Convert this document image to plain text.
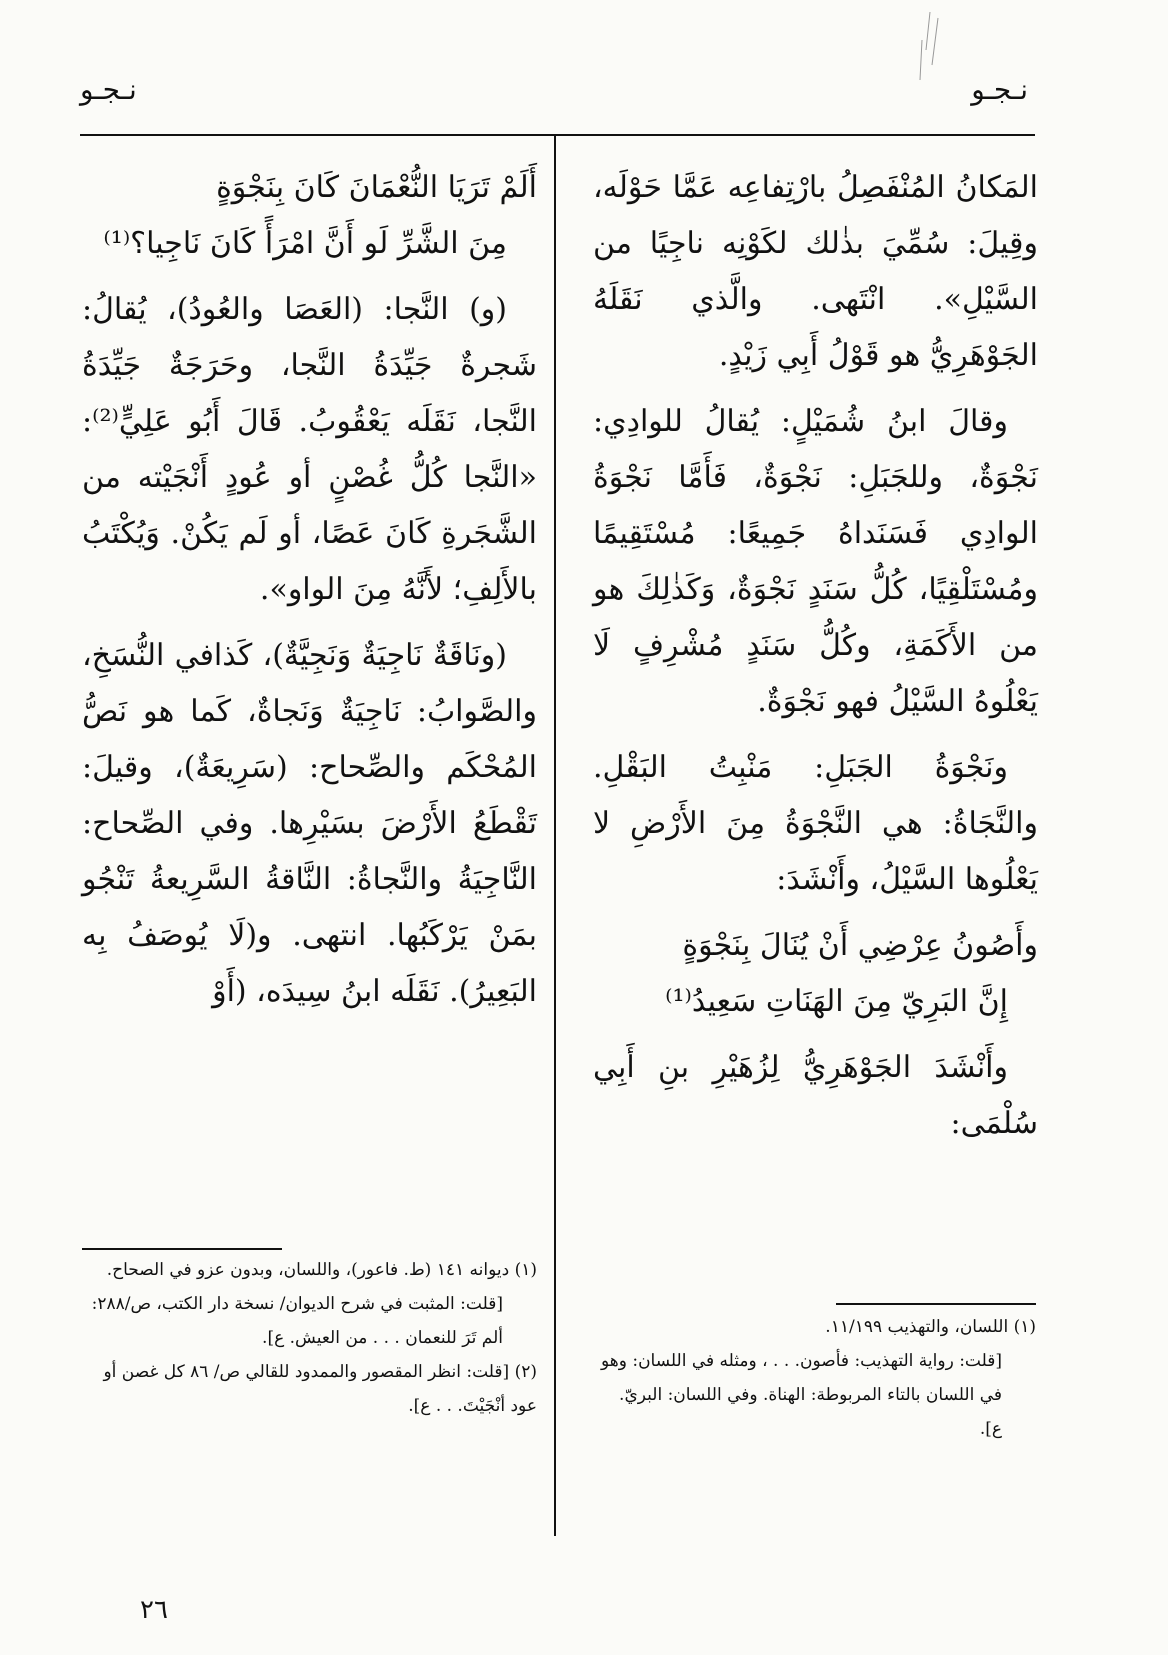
نـجـو
نـجـو

المَكانُ المُنْفَصِلُ بارْتِفاعِه عَمَّا حَوْلَه، وقِيلَ: سُمِّيَ بذٰلك لكَوْنِه ناجِيًا من السَّيْلِ». انْتَهى. والَّذي نَقَلَهُ الجَوْهَرِيُّ هو قَوْلُ أَبِي زَيْدٍ.

وقالَ ابنُ شُمَيْلٍ: يُقالُ للوادِي: نَجْوَةٌ، وللجَبَلِ: نَجْوَةٌ، فَأَمَّا نَجْوَةُ الوادِي فَسَنَداهُ جَمِيعًا: مُسْتَقِيمًا ومُسْتَلْقِيًا، كُلُّ سَنَدٍ نَجْوَةٌ، وَكَذٰلِكَ هو من الأَكَمَةِ، وكُلُّ سَنَدٍ مُشْرِفٍ لَا يَعْلُوهُ السَّيْلُ فهو نَجْوَةٌ.

ونَجْوَةُ الجَبَلِ: مَنْبِتُ البَقْلِ. والنَّجَاةُ: هي النَّجْوَةُ مِنَ الأَرْضِ لا يَعْلُوها السَّيْلُ، وأَنْشَدَ:

وأَصُونُ عِرْضِي أَنْ يُنَالَ بِنَجْوَةٍ

إِنَّ البَرِيّ مِنَ الهَنَاتِ سَعِيدُ⁽¹⁾

وأَنْشَدَ الجَوْهَرِيُّ لِزُهَيْرِ بنِ أَبِي سُلْمَى:

أَلَمْ تَرَيَا النُّعْمَانَ كَانَ بِنَجْوَةٍ

مِنَ الشَّرِّ لَو أَنَّ امْرَأً كَانَ نَاجِيا؟⁽¹⁾

(و) النَّجا: (العَصَا والعُودُ)، يُقالُ: شَجرةٌ جَيِّدَةُ النَّجا، وحَرَجَةٌ جَيِّدَةُ النَّجا، نَقَلَه يَعْقُوبُ. قَالَ أَبُو عَلِيٍّ⁽²⁾: «النَّجا كُلُّ غُصْنٍ أو عُودٍ أَنْجَيْته من الشَّجَرةِ كَانَ عَصًا، أو لَم يَكُنْ. وَيُكْتَبُ بالأَلِفِ؛ لأَنَّهُ مِنَ الواو».

(ونَاقَةٌ نَاجِيَةٌ وَنَجِيَّةٌ)، كَذافي النُّسَخِ، والصَّوابُ: نَاجِيَةٌ وَنَجاةٌ، كَما هو نَصُّ المُحْكَم والصِّحاح: (سَرِيعَةٌ)، وقيلَ: تَقْطَعُ الأَرْضَ بسَيْرِها. وفي الصِّحاح: النَّاجِيَةُ والنَّجاةُ: النَّاقةُ السَّرِيعةُ تَنْجُو بمَنْ يَرْكَبُها. انتهى. و(لَا يُوصَفُ بِه البَعِيرُ). نَقَلَه ابنُ سِيدَه، (أَوْ

(١) اللسان، والتهذيب ١١/١٩٩.

[قلت: رواية التهذيب: فأصون. . . ، ومثله في اللسان: وهو في اللسان بالتاء المربوطة: الهناة. وفي اللسان: البريّ. ع].

(١) ديوانه ١٤١ (ط. فاعور)، واللسان، وبدون عزو في الصحاح.

[قلت: المثبت في شرح الديوان/ نسخة دار الكتب، ص/٢٨٨:

ألم تَرَ للنعمان . . . من العيش. ع].

(٢) [قلت: انظر المقصور والممدود للقالي ص/ ٨٦ كل غصن أو عود أنْجَيْتَ. . . ع].

٢٦
